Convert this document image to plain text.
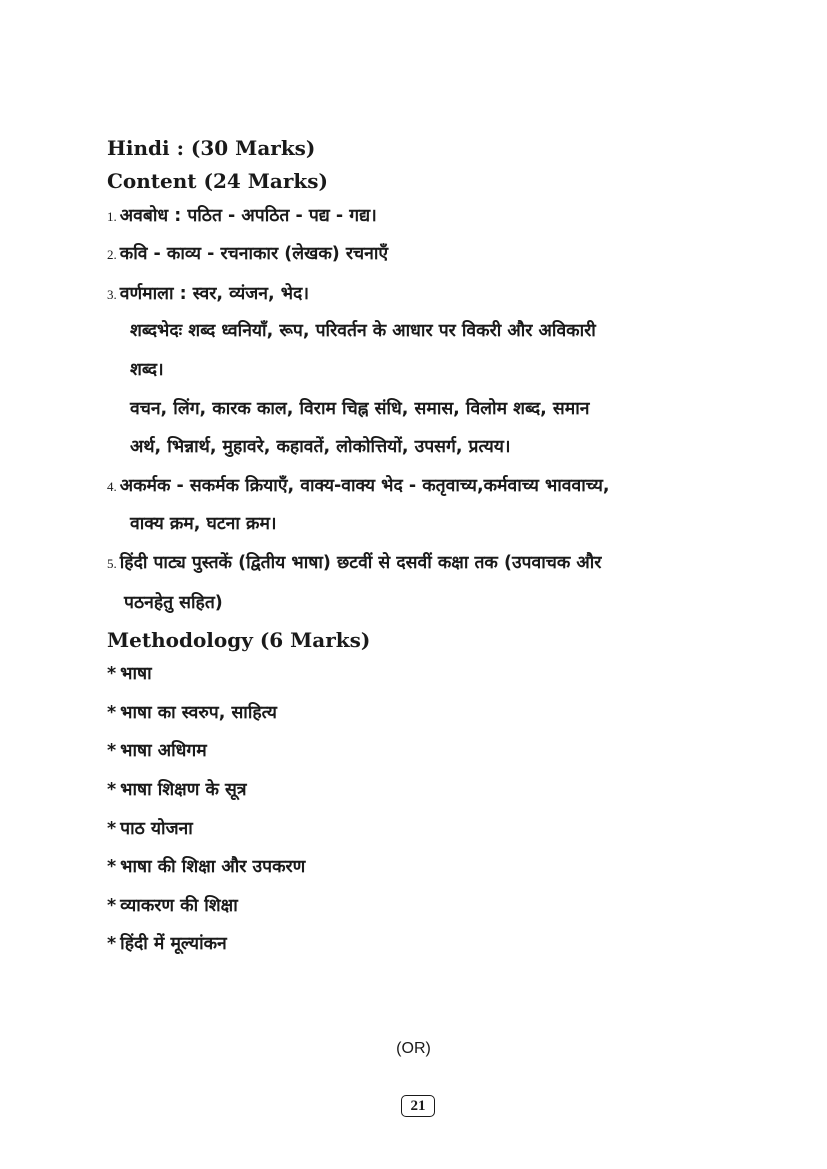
Hindi : (30 Marks)
Content (24 Marks)
1. अवबोध : पठित - अपठित - पद्य - गद्य।
2. कवि - काव्य - रचनाकार (लेखक) रचनाएँ
3. वर्णमाला : स्वर, व्यंजन, भेद।
शब्दभेदः शब्द ध्वनियाँ, रूप, परिवर्तन के आधार पर विकरी और अविकारी
शब्द।
वचन, लिंग, कारक काल, विराम चिह्न संधि, समास, विलोम शब्द, समान
अर्थ, भिन्नार्थ, मुहावरे, कहावतें, लोकोत्तियों, उपसर्ग, प्रत्यय।
4. अकर्मक - सकर्मक क्रियाएँ, वाक्य-वाक्य भेद - कतृवाच्य,कर्मवाच्य भाववाच्य,
वाक्य क्रम, घटना क्रम।
5. हिंदी पाट्य पुस्तकें (द्वितीय भाषा) छटवीं से दसवीं कक्षा तक (उपवाचक और
पठनहेतु सहित)
Methodology (6 Marks)
* भाषा
* भाषा का स्वरुप, साहित्य
* भाषा अधिगम
* भाषा शिक्षण के सूत्र
* पाठ योजना
* भाषा की शिक्षा और उपकरण
* व्याकरण की शिक्षा
* हिंदी में मूल्यांकन
(OR)
21
